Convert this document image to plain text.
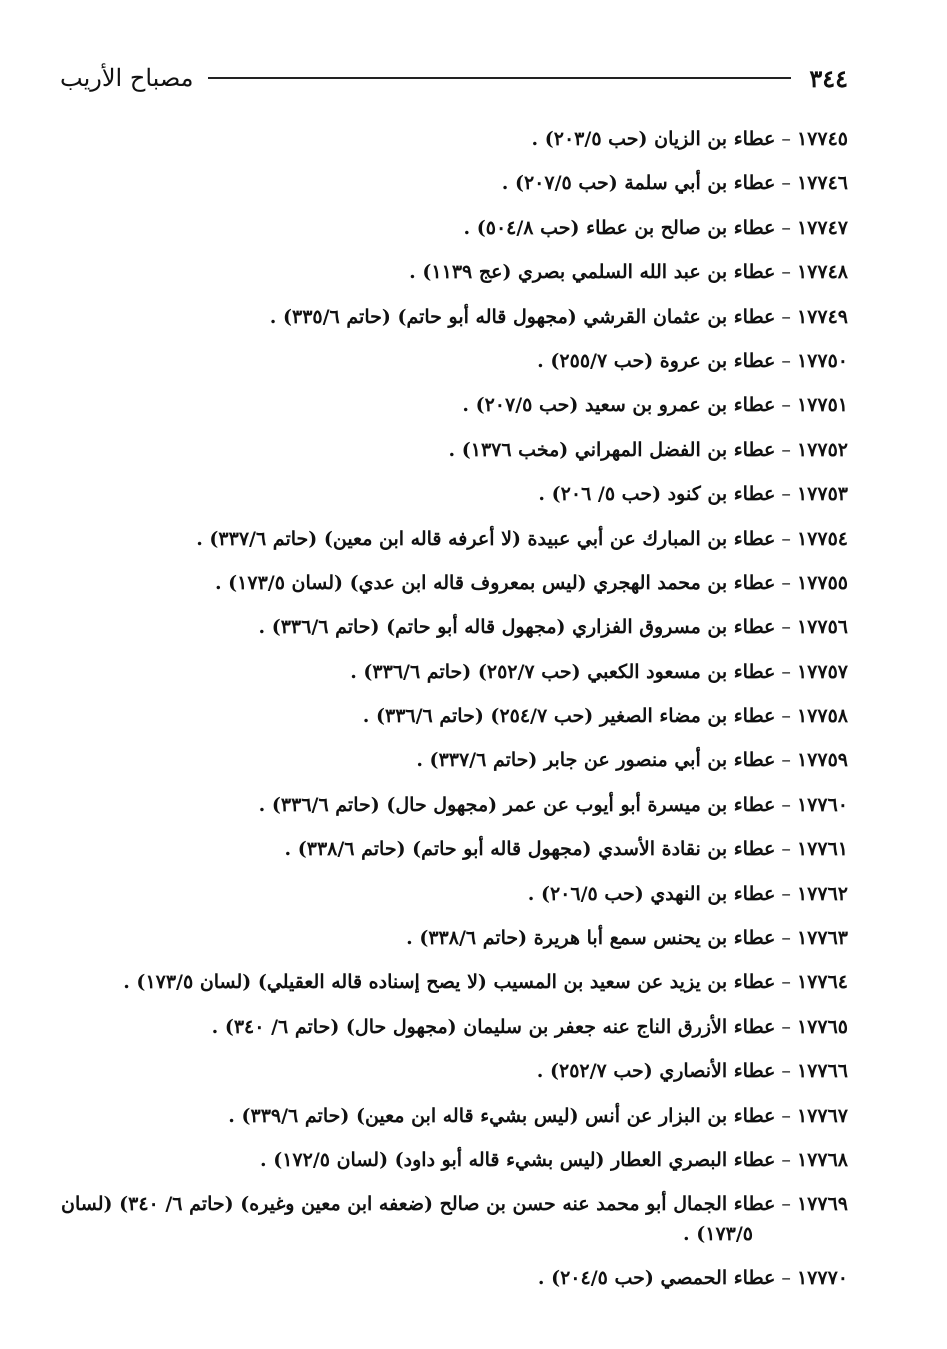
٣٤٤
مصباح الأريب
١٧٧٤٥ – عطاء بن الزيان (حب ٢٠٣/٥) .
١٧٧٤٦ – عطاء بن أبي سلمة (حب ٢٠٧/٥) .
١٧٧٤٧ – عطاء بن صالح بن عطاء (حب ٥٠٤/٨) .
١٧٧٤٨ – عطاء بن عبد الله السلمي بصري (عج ١١٣٩) .
١٧٧٤٩ – عطاء بن عثمان القرشي (مجهول قاله أبو حاتم) (حاتم ٣٣٥/٦) .
١٧٧٥٠ – عطاء بن عروة (حب ٢٥٥/٧) .
١٧٧٥١ – عطاء بن عمرو بن سعيد (حب ٢٠٧/٥) .
١٧٧٥٢ – عطاء بن الفضل المهراني (مخب ١٣٧٦) .
١٧٧٥٣ – عطاء بن كنود (حب ٥/ ٢٠٦) .
١٧٧٥٤ – عطاء بن المبارك عن أبي عبيدة (لا أعرفه قاله ابن معين) (حاتم ٣٣٧/٦) .
١٧٧٥٥ – عطاء بن محمد الهجري (ليس بمعروف قاله ابن عدي) (لسان ١٧٣/٥) .
١٧٧٥٦ – عطاء بن مسروق الفزاري (مجهول قاله أبو حاتم) (حاتم ٣٣٦/٦) .
١٧٧٥٧ – عطاء بن مسعود الكعبي (حب ٢٥٢/٧) (حاتم ٣٣٦/٦) .
١٧٧٥٨ – عطاء بن مضاء الصغير (حب ٢٥٤/٧) (حاتم ٣٣٦/٦) .
١٧٧٥٩ – عطاء بن أبي منصور عن جابر (حاتم ٣٣٧/٦) .
١٧٧٦٠ – عطاء بن ميسرة أبو أيوب عن عمر (مجهول حال) (حاتم ٣٣٦/٦) .
١٧٧٦١ – عطاء بن نقادة الأسدي (مجهول قاله أبو حاتم) (حاتم ٣٣٨/٦) .
١٧٧٦٢ – عطاء بن النهدي (حب ٢٠٦/٥) .
١٧٧٦٣ – عطاء بن يحنس سمع أبا هريرة (حاتم ٣٣٨/٦) .
١٧٧٦٤ – عطاء بن يزيد عن سعيد بن المسيب (لا يصح إسناده قاله العقيلي) (لسان ١٧٣/٥) .
١٧٧٦٥ – عطاء الأزرق الناج عنه جعفر بن سليمان (مجهول حال) (حاتم ٦/ ٣٤٠) .
١٧٧٦٦ – عطاء الأنصاري (حب ٢٥٢/٧) .
١٧٧٦٧ – عطاء بن البزار عن أنس (ليس بشيء قاله ابن معين) (حاتم ٣٣٩/٦) .
١٧٧٦٨ – عطاء البصري العطار (ليس بشيء قاله أبو داود) (لسان ١٧٢/٥) .
١٧٧٦٩ – عطاء الجمال أبو محمد عنه حسن بن صالح (ضعفه ابن معين وغيره) (حاتم ٦/ ٣٤٠) (لسان ١٧٣/٥) .
١٧٧٧٠ – عطاء الحمصي (حب ٢٠٤/٥) .
